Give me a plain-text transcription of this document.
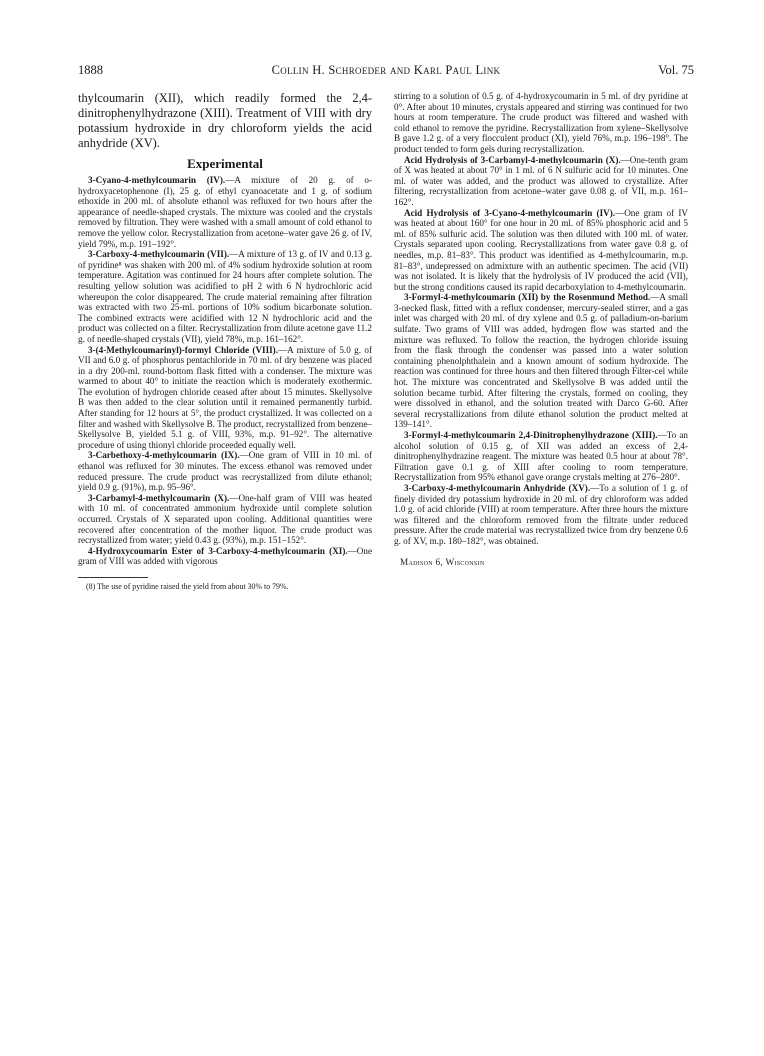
1888	Collin H. Schroeder and Karl Paul Link	Vol. 75

thylcoumarin (XII), which readily formed the 2,4-dinitrophenylhydrazone (XIII). Treatment of VIII with dry potassium hydroxide in dry chloroform yields the acid anhydride (XV).

Experimental

3-Cyano-4-methylcoumarin (IV).—A mixture of 20 g. of o-hydroxyacetophenone (I), 25 g. of ethyl cyanoacetate and 1 g. of sodium ethoxide in 200 ml. of absolute ethanol was refluxed for two hours after the appearance of needle-shaped crystals. The mixture was cooled and the crystals removed by filtration. They were washed with a small amount of cold ethanol to remove the yellow color. Recrystallization from acetone–water gave 26 g. of IV, yield 79%, m.p. 191–192°.

3-Carboxy-4-methylcoumarin (VII).—A mixture of 13 g. of IV and 0.13 g. of pyridine⁸ was shaken with 200 ml. of 4% sodium hydroxide solution at room temperature. Agitation was continued for 24 hours after complete solution. The resulting yellow solution was acidified to pH 2 with 6 N hydrochloric acid whereupon the color disappeared. The crude material remaining after filtration was extracted with two 25-ml. portions of 10% sodium bicarbonate solution. The combined extracts were acidified with 12 N hydrochloric acid and the product was collected on a filter. Recrystallization from dilute acetone gave 11.2 g. of needle-shaped crystals (VII), yield 78%, m.p. 161–162°.

3-(4-Methylcoumarinyl)-formyl Chloride (VIII).—A mixture of 5.0 g. of VII and 6.0 g. of phosphorus pentachloride in 70 ml. of dry benzene was placed in a dry 200-ml. round-bottom flask fitted with a condenser. The mixture was warmed to about 40° to initiate the reaction which is moderately exothermic. The evolution of hydrogen chloride ceased after about 15 minutes. Skellysolve B was then added to the clear solution until it remained permanently turbid. After standing for 12 hours at 5°, the product crystallized. It was collected on a filter and washed with Skellysolve B. The product, recrystallized from benzene–Skellysolve B, yielded 5.1 g. of VIII, 93%, m.p. 91–92°. The alternative procedure of using thionyl chloride proceeded equally well.

3-Carbethoxy-4-methylcoumarin (IX).—One gram of VIII in 10 ml. of ethanol was refluxed for 30 minutes. The excess ethanol was removed under reduced pressure. The crude product was recrystallized from dilute ethanol; yield 0.9 g. (91%), m.p. 95–96°.

3-Carbamyl-4-methylcoumarin (X).—One-half gram of VIII was heated with 10 ml. of concentrated ammonium hydroxide until complete solution occurred. Crystals of X separated upon cooling. Additional quantities were recovered after concentration of the mother liquor. The crude product was recrystallized from water; yield 0.43 g. (93%), m.p. 151–152°.

4-Hydroxycoumarin Ester of 3-Carboxy-4-methylcoumarin (XI).—One gram of VIII was added with vigorous

(8) The use of pyridine raised the yield from about 30% to 79%.

stirring to a solution of 0.5 g. of 4-hydroxycoumarin in 5 ml. of dry pyridine at 0°. After about 10 minutes, crystals appeared and stirring was continued for two hours at room temperature. The crude product was filtered and washed with cold ethanol to remove the pyridine. Recrystallization from xylene–Skellysolve B gave 1.2 g. of a very flocculent product (XI), yield 76%, m.p. 196–198°. The product tended to form gels during recrystallization.

Acid Hydrolysis of 3-Carbamyl-4-methylcoumarin (X).—One-tenth gram of X was heated at about 70° in 1 ml. of 6 N sulfuric acid for 10 minutes. One ml. of water was added, and the product was allowed to crystallize. After filtering, recrystallization from acetone–water gave 0.08 g. of VII, m.p. 161–162°.

Acid Hydrolysis of 3-Cyano-4-methylcoumarin (IV).—One gram of IV was heated at about 160° for one hour in 20 ml. of 85% phosphoric acid and 5 ml. of 85% sulfuric acid. The solution was then diluted with 100 ml. of water. Crystals separated upon cooling. Recrystallizations from water gave 0.8 g. of needles, m.p. 81–83°. This product was identified as 4-methylcoumarin, m.p. 81–83°, undepressed on admixture with an authentic specimen. The acid (VII) was not isolated. It is likely that the hydrolysis of IV produced the acid (VII), but the strong conditions caused its rapid decarboxylation to 4-methylcoumarin.

3-Formyl-4-methylcoumarin (XII) by the Rosenmund Method.—A small 3-necked flask, fitted with a reflux condenser, mercury-sealed stirrer, and a gas inlet was charged with 20 ml. of dry xylene and 0.5 g. of palladium-on-barium sulfate. Two grams of VIII was added, hydrogen flow was started and the mixture was refluxed. To follow the reaction, the hydrogen chloride issuing from the flask through the condenser was passed into a water solution containing phenolphthalein and a known amount of sodium hydroxide. The reaction was continued for three hours and then filtered through Filter-cel while hot. The mixture was concentrated and Skellysolve B was added until the solution became turbid. After filtering the crystals, formed on cooling, they were dissolved in ethanol, and the solution treated with Darco G-60. After several recrystallizations from dilute ethanol solution the product melted at 139–141°.

3-Formyl-4-methylcoumarin 2,4-Dinitrophenylhydrazone (XIII).—To an alcohol solution of 0.15 g. of XII was added an excess of 2,4-dinitrophenylhydrazine reagent. The mixture was heated 0.5 hour at about 78°. Filtration gave 0.1 g. of XIII after cooling to room temperature. Recrystallization from 95% ethanol gave orange crystals melting at 276–280°.

3-Carboxy-4-methylcoumarin Anhydride (XV).—To a solution of 1 g. of finely divided dry potassium hydroxide in 20 ml. of dry chloroform was added 1.0 g. of acid chloride (VIII) at room temperature. After three hours the mixture was filtered and the chloroform removed from the filtrate under reduced pressure. After the crude material was recrystallized twice from dry benzene 0.6 g. of XV, m.p. 180–182°, was obtained.

Madison 6, Wisconsin
